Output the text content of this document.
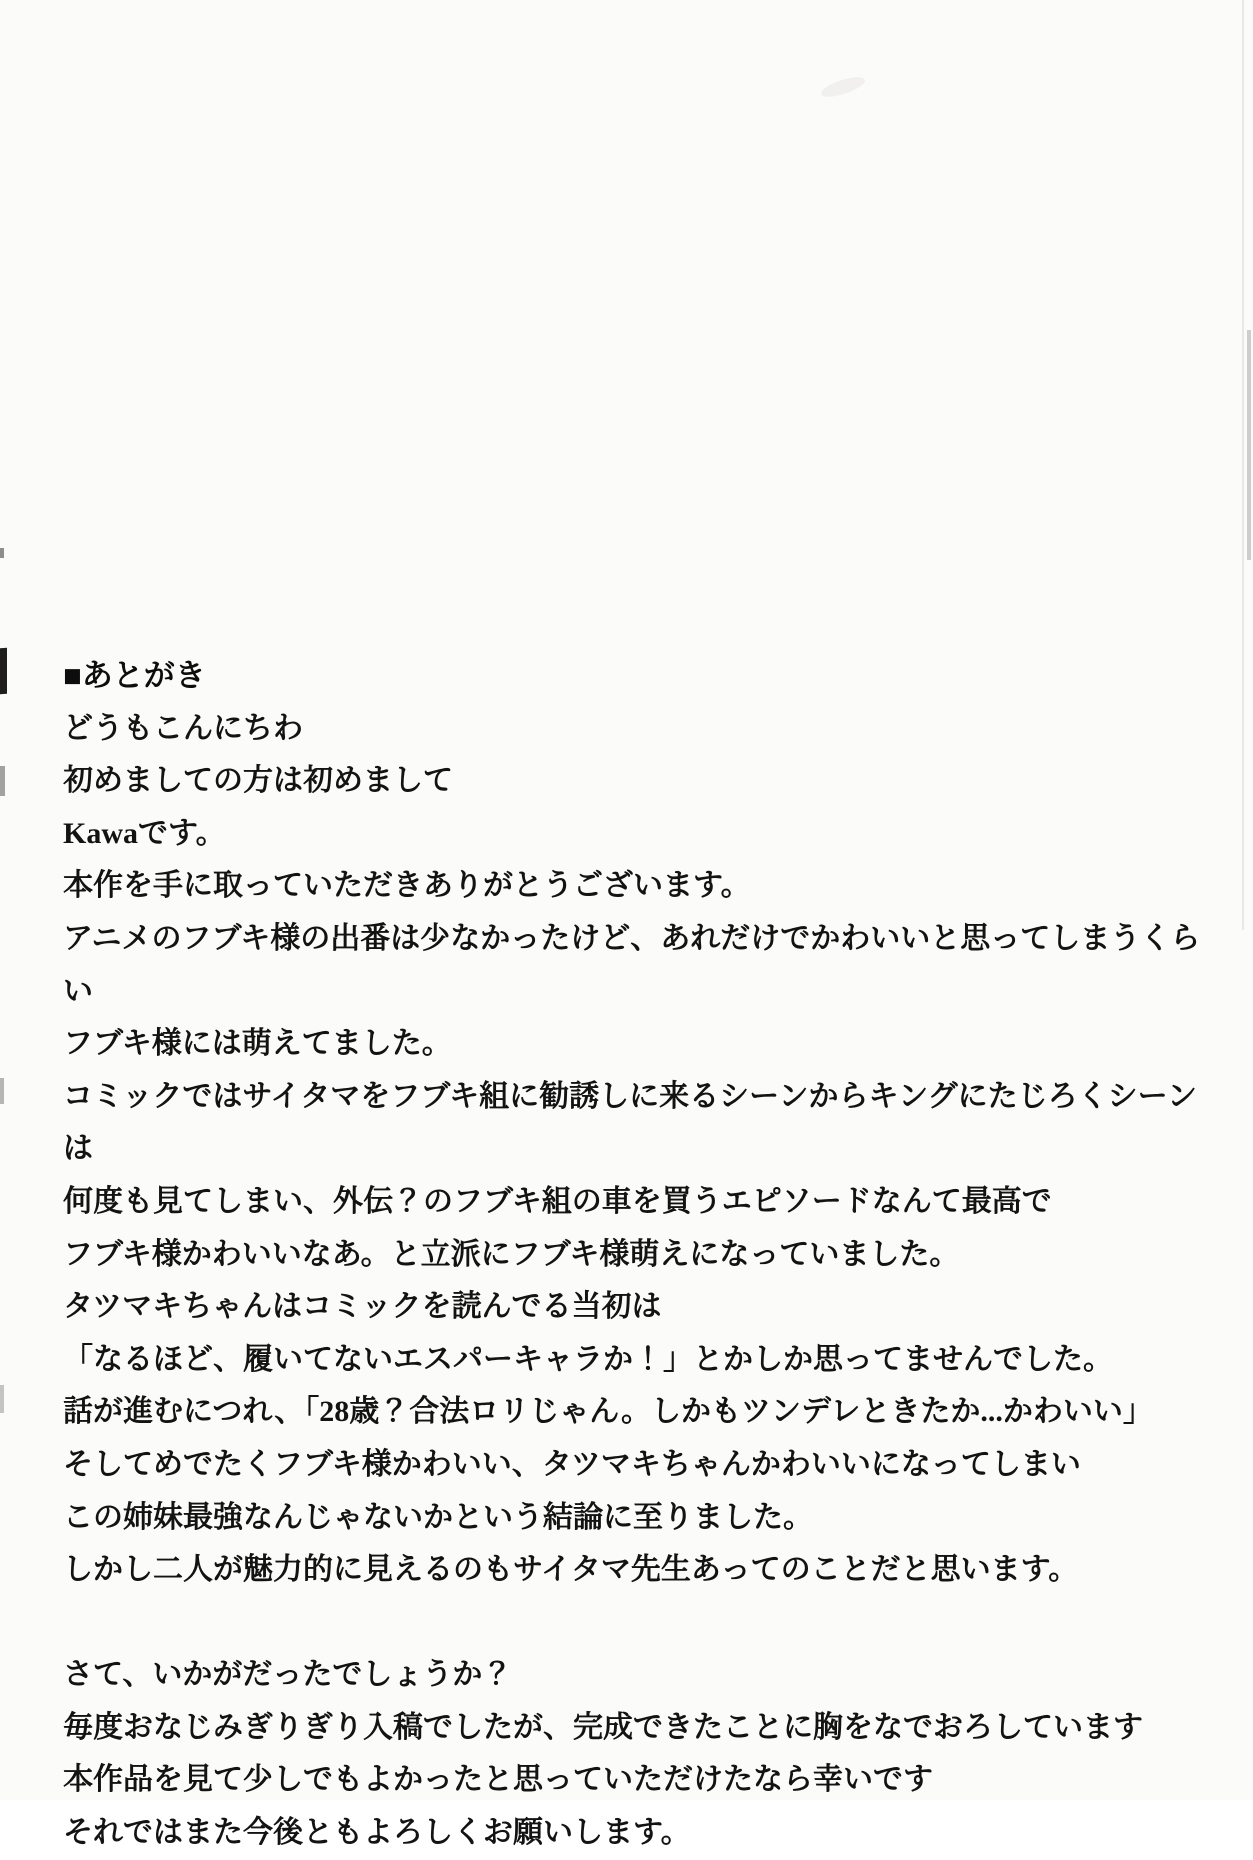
■あとがき

どうもこんにちわ

初めましての方は初めまして

Kawaです。

本作を手に取っていただきありがとうございます。

アニメのフブキ様の出番は少なかったけど、あれだけでかわいいと思ってしまうくらい

フブキ様には萌えてました。

コミックではサイタマをフブキ組に勧誘しに来るシーンからキングにたじろくシーンは

何度も見てしまい、外伝？のフブキ組の車を買うエピソードなんて最高で

フブキ様かわいいなあ。と立派にフブキ様萌えになっていました。

タツマキちゃんはコミックを読んでる当初は

「なるほど、履いてないエスパーキャラか！」とかしか思ってませんでした。

話が進むにつれ、「28歳？合法ロリじゃん。しかもツンデレときたか...かわいい」

そしてめでたくフブキ様かわいい、タツマキちゃんかわいいになってしまい

この姉妹最強なんじゃないかという結論に至りました。

しかし二人が魅力的に見えるのもサイタマ先生あってのことだと思います。

さて、いかがだったでしょうか？

毎度おなじみぎりぎり入稿でしたが、完成できたことに胸をなでおろしています

本作品を見て少しでもよかったと思っていただけたなら幸いです

それではまた今後ともよろしくお願いします。
